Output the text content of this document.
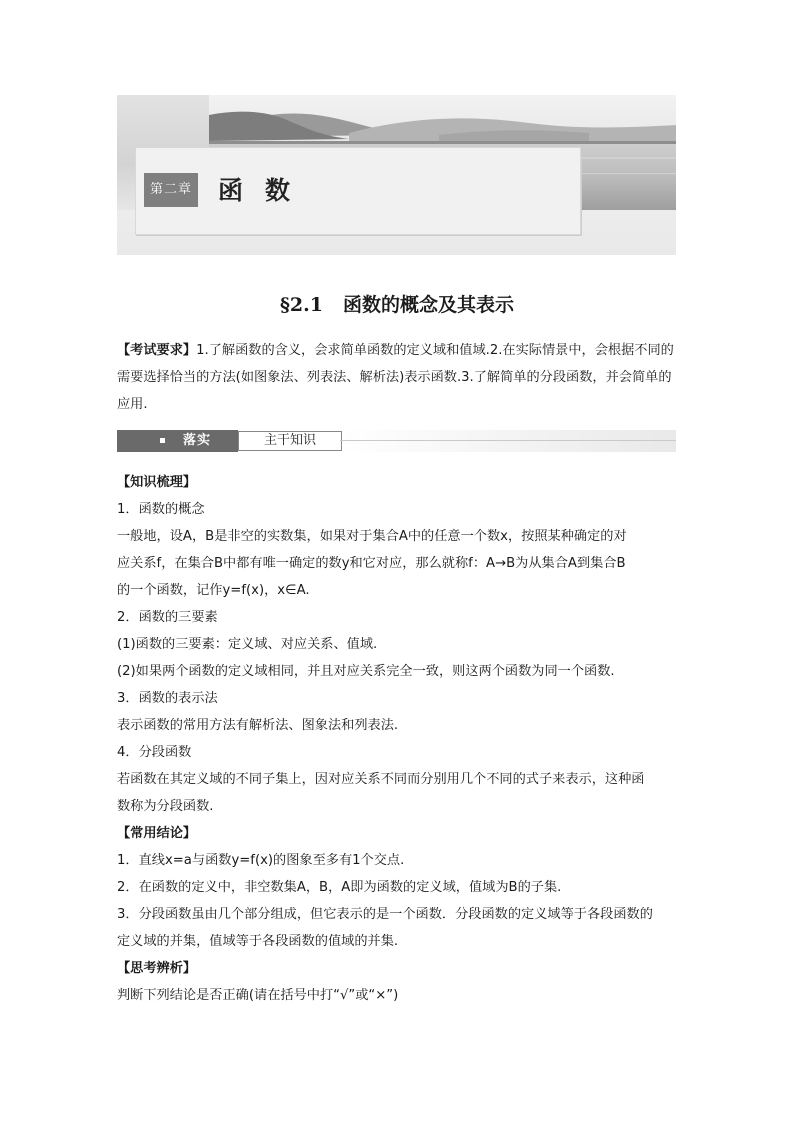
第二章 函数
§2.1 函数的概念及其表示
【考试要求】1.了解函数的含义，会求简单函数的定义域和值域.2.在实际情景中，会根据不同的需要选择恰当的方法(如图象法、列表法、解析法)表示函数.3.了解简单的分段函数，并会简单的应用.
落实	主干知识
【知识梳理】
1．函数的概念
一般地，设A，B是非空的实数集，如果对于集合A中的任意一个数x，按照某种确定的对
应关系f，在集合B中都有唯一确定的数y和它对应，那么就称f：A→B为从集合A到集合B
的一个函数，记作y=f(x)，x∈A.
2．函数的三要素
(1)函数的三要素：定义域、对应关系、值域.
(2)如果两个函数的定义域相同，并且对应关系完全一致，则这两个函数为同一个函数.
3．函数的表示法
表示函数的常用方法有解析法、图象法和列表法.
4．分段函数
若函数在其定义域的不同子集上，因对应关系不同而分别用几个不同的式子来表示，这种函
数称为分段函数.
【常用结论】
1．直线x=a与函数y=f(x)的图象至多有1个交点.
2．在函数的定义中，非空数集A，B，A即为函数的定义域，值域为B的子集.
3．分段函数虽由几个部分组成，但它表示的是一个函数．分段函数的定义域等于各段函数的
定义域的并集，值域等于各段函数的值域的并集.
【思考辨析】
判断下列结论是否正确(请在括号中打“√”或“×”)
